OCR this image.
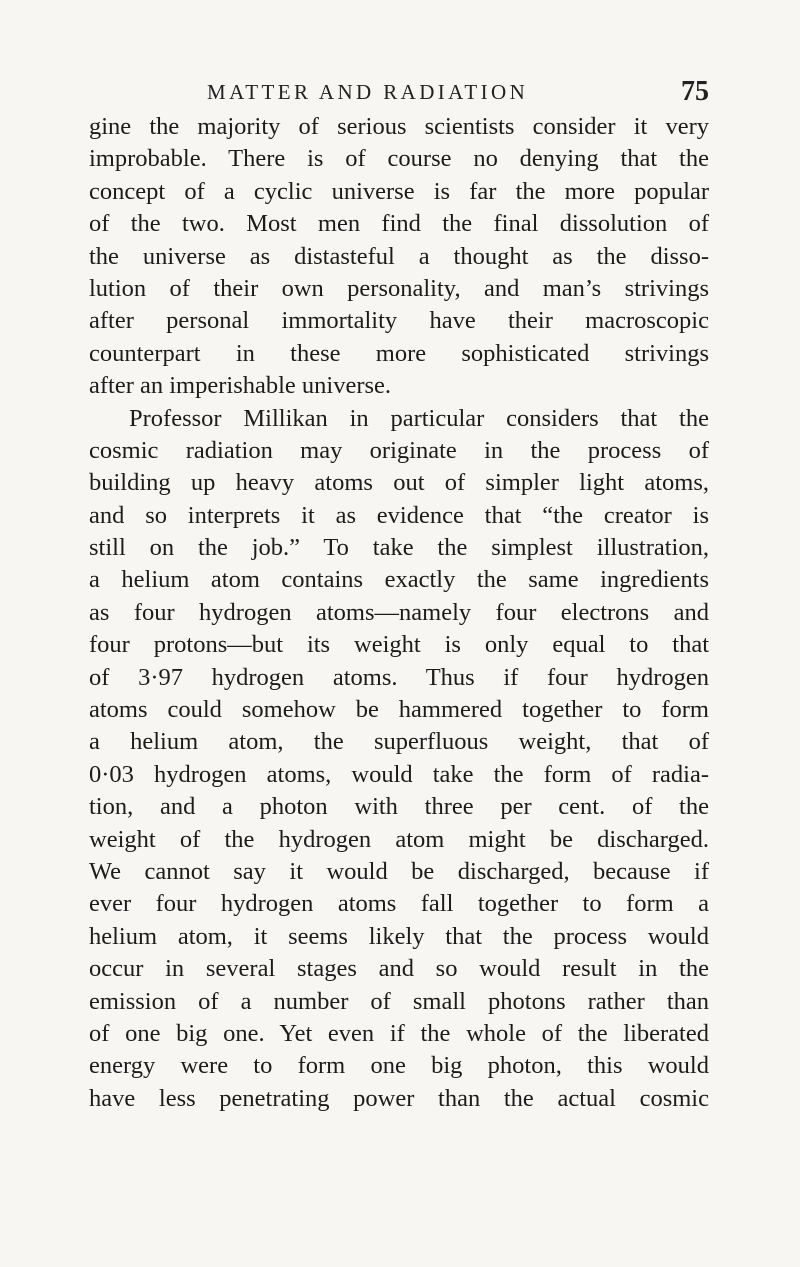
MATTER AND RADIATION	75
gine the majority of serious scientists consider it very
improbable. There is of course no denying that the
concept of a cyclic universe is far the more popular
of the two. Most men find the final dissolution of
the universe as distasteful a thought as the disso-
lution of their own personality, and man’s strivings
after personal immortality have their macroscopic
counterpart in these more sophisticated strivings
after an imperishable universe.
Professor Millikan in particular considers that the
cosmic radiation may originate in the process of
building up heavy atoms out of simpler light atoms,
and so interprets it as evidence that “the creator is
still on the job.” To take the simplest illustration,
a helium atom contains exactly the same ingredients
as four hydrogen atoms—namely four electrons and
four protons—but its weight is only equal to that
of 3·97 hydrogen atoms. Thus if four hydrogen
atoms could somehow be hammered together to form
a helium atom, the superfluous weight, that of
0·03 hydrogen atoms, would take the form of radia-
tion, and a photon with three per cent. of the
weight of the hydrogen atom might be discharged.
We cannot say it would be discharged, because if
ever four hydrogen atoms fall together to form a
helium atom, it seems likely that the process would
occur in several stages and so would result in the
emission of a number of small photons rather than
of one big one. Yet even if the whole of the liberated
energy were to form one big photon, this would
have less penetrating power than the actual cosmic
